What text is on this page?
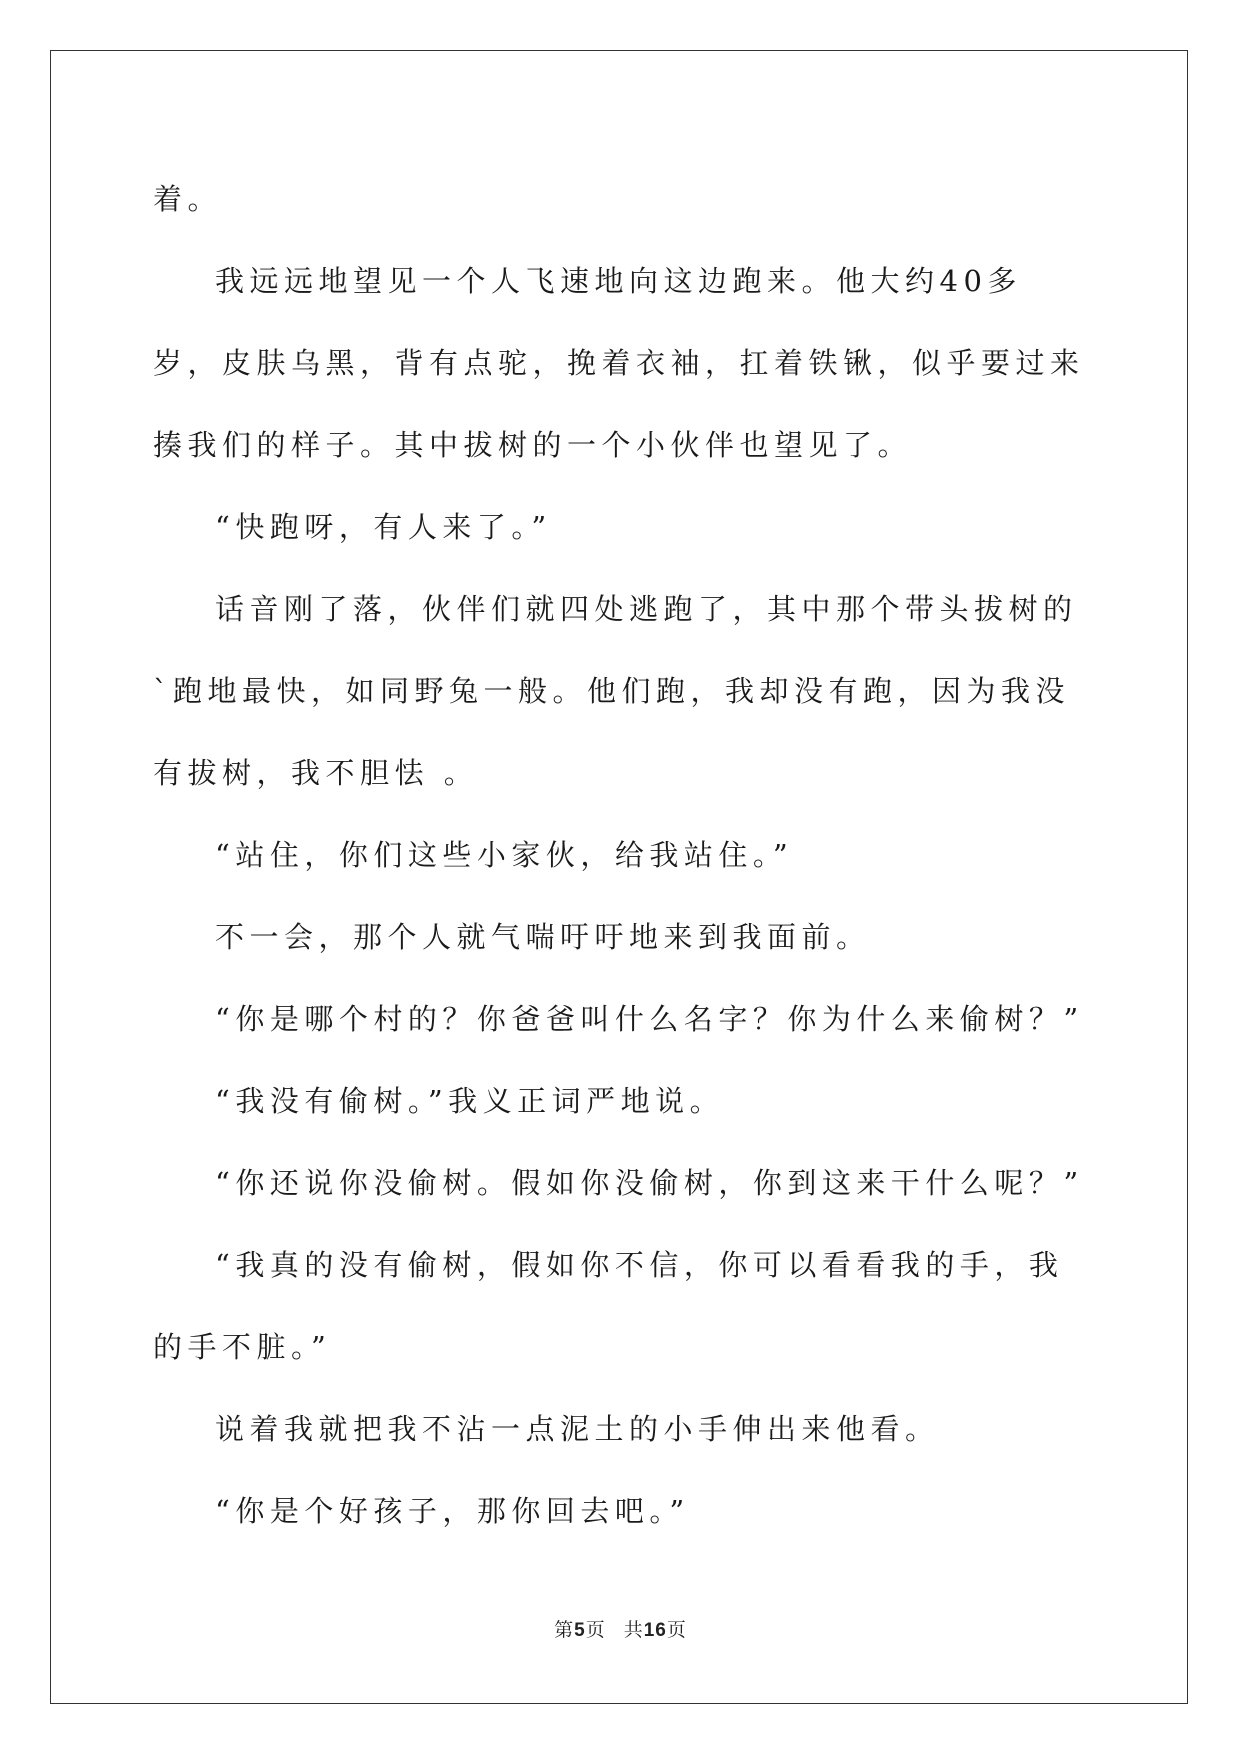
着。

我远远地望见一个人飞速地向这边跑来。他大约40多岁，皮肤乌黑，背有点驼，挽着衣袖，扛着铁锹，似乎要过来揍我们的样子。其中拔树的一个小伙伴也望见了。

“快跑呀，有人来了。”

话音刚了落，伙伴们就四处逃跑了，其中那个带头拔树的`跑地最快，如同野兔一般。他们跑，我却没有跑，因为我没有拔树，我不胆怯 。

“站住，你们这些小家伙，给我站住。”

不一会，那个人就气喘吁吁地来到我面前。

“你是哪个村的？你爸爸叫什么名字？你为什么来偷树？”

“我没有偷树。”我义正词严地说。

“你还说你没偷树。假如你没偷树，你到这来干什么呢？”

“我真的没有偷树，假如你不信，你可以看看我的手，我的手不脏。”

说着我就把我不沾一点泥土的小手伸出来他看。

“你是个好孩子，那你回去吧。”

第5页 共16页
